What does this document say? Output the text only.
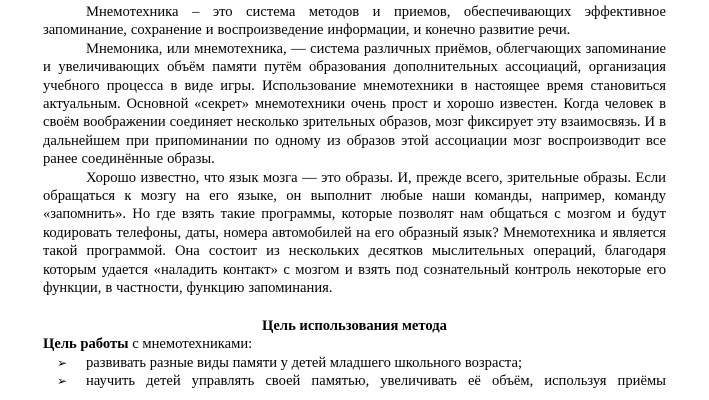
Мнемотехника – это система методов и приемов, обеспечивающих эффективное запоминание, сохранение и воспроизведение информации, и конечно развитие речи.

Мнемоника, или мнемотехника, — система различных приёмов, облегчающих запоминание и увеличивающих объём памяти путём образования дополнительных ассоциаций, организация учебного процесса в виде игры. Использование мнемотехники в настоящее время становиться актуальным. Основной «секрет» мнемотехники очень прост и хорошо известен. Когда человек в своём воображении соединяет несколько зрительных образов, мозг фиксирует эту взаимосвязь. И в дальнейшем при припоминании по одному из образов этой ассоциации мозг воспроизводит все ранее соединённые образы.

Хорошо известно, что язык мозга — это образы. И, прежде всего, зрительные образы. Если обращаться к мозгу на его языке, он выполнит любые наши команды, например, команду «запомнить». Но где взять такие программы, которые позволят нам общаться с мозгом и будут кодировать телефоны, даты, номера автомобилей на его образный язык? Мнемотехника и является такой программой. Она состоит из нескольких десятков мыслительных операций, благодаря которым удается «наладить контакт» с мозгом и взять под сознательный контроль некоторые его функции, в частности, функцию запоминания.

Цель использования метода

Цель работы с мнемотехниками:

➢ развивать разные виды памяти у детей младшего школьного возраста;
➢ научить детей управлять своей памятью, увеличивать её объём, используя приёмы
